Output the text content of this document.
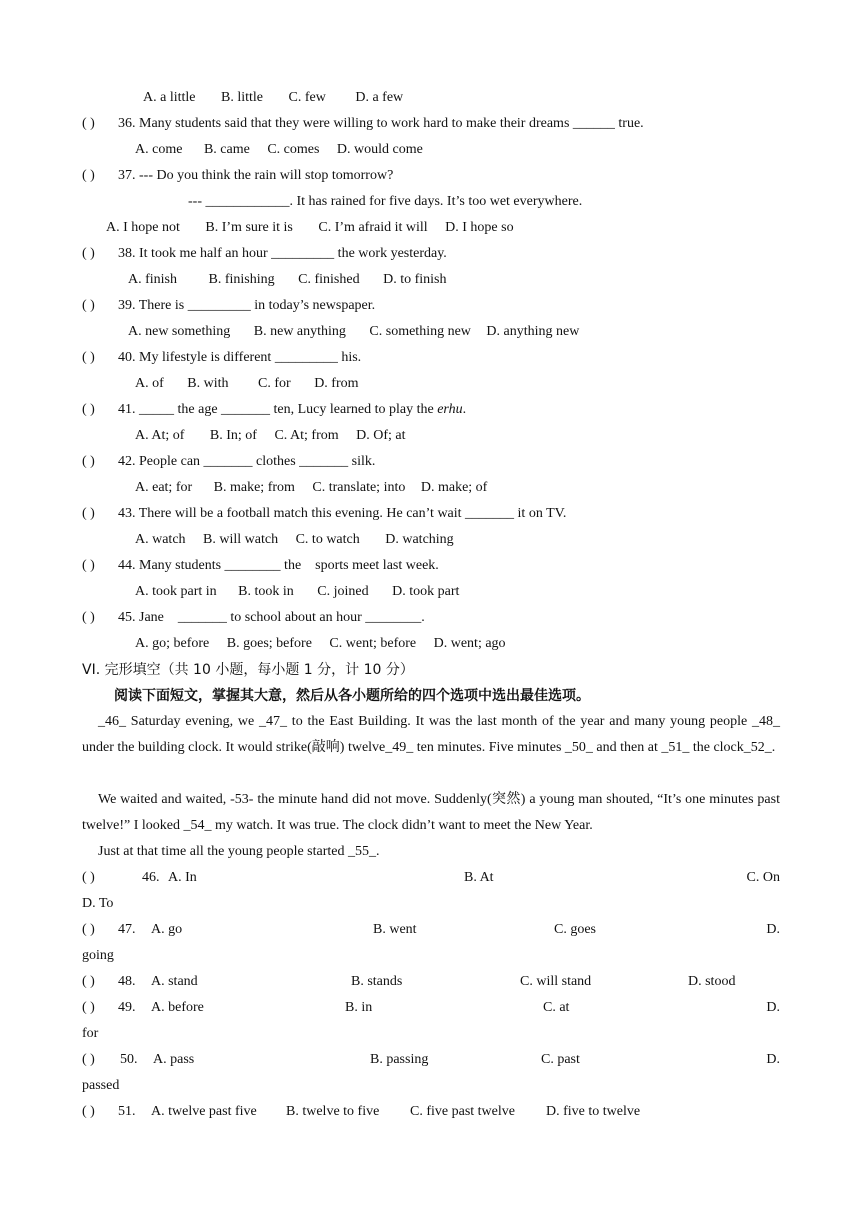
A. a little B. little C. few D. a few
( ) 36. Many students said that they were willing to work hard to make their dreams ______ true.
A. come B. came C. comes D. would come
( ) 37. --- Do you think the rain will stop tomorrow?
--- ____________. It has rained for five days. It’s too wet everywhere.
A. I hope not B. I’m sure it is C. I’m afraid it will D. I hope so
( ) 38. It took me half an hour _________ the work yesterday.
A. finish B. finishing C. finished D. to finish
( ) 39. There is _________ in today’s newspaper.
A. new something B. new anything C. something new D. anything new
( ) 40. My lifestyle is different _________ his.
A. of B. with C. for D. from
( ) 41. _____ the age _______ ten, Lucy learned to play the erhu.
A. At; of B. In; of C. At; from D. Of; at
( ) 42. People can _______ clothes _______ silk.
A. eat; for B. make; from C. translate; into D. make; of
( ) 43. There will be a football match this evening. He can’t wait _______ it on TV.
A. watch B. will watch C. to watch D. watching
( ) 44. Many students ________ the    sports meet last week.
A. took part in B. took in C. joined D. took part
( ) 45. Jane    _______ to school about an hour ________.
A. go; before B. goes; before C. went; before D. went; ago
VI. 完形填空（共 10 小题，每小题 1 分，计 10 分）
阅读下面短文，掌握其大意，然后从各小题所给的四个选项中选出最佳选项。
_46_ Saturday evening, we _47_ to the East Building. It was the last month of the year and many young people _48_ under the building clock. It would strike(敲响) twelve_49_ ten minutes. Five minutes _50_ and then at _51_ the clock_52_.
We waited and waited, -53- the minute hand did not move. Suddenly(突然) a young man shouted, “It’s one minutes past twelve!” I looked _54_ my watch. It was true. The clock didn’t want to meet the New Year.
Just at that time all the young people started _55_.
( )	46. A. In	B. At	C. On
D. To
( ) 47. A. go	B. went	C. goes	D.
going
( ) 48. A. stand	B. stands	C. will stand	D. stood
( ) 49. A. before	B. in	C. at	D.
for
( ) 50. A. pass	B. passing	C. past	D.
passed
( ) 51. A. twelve past five B. twelve to five C. five past twelve D. five to twelve
